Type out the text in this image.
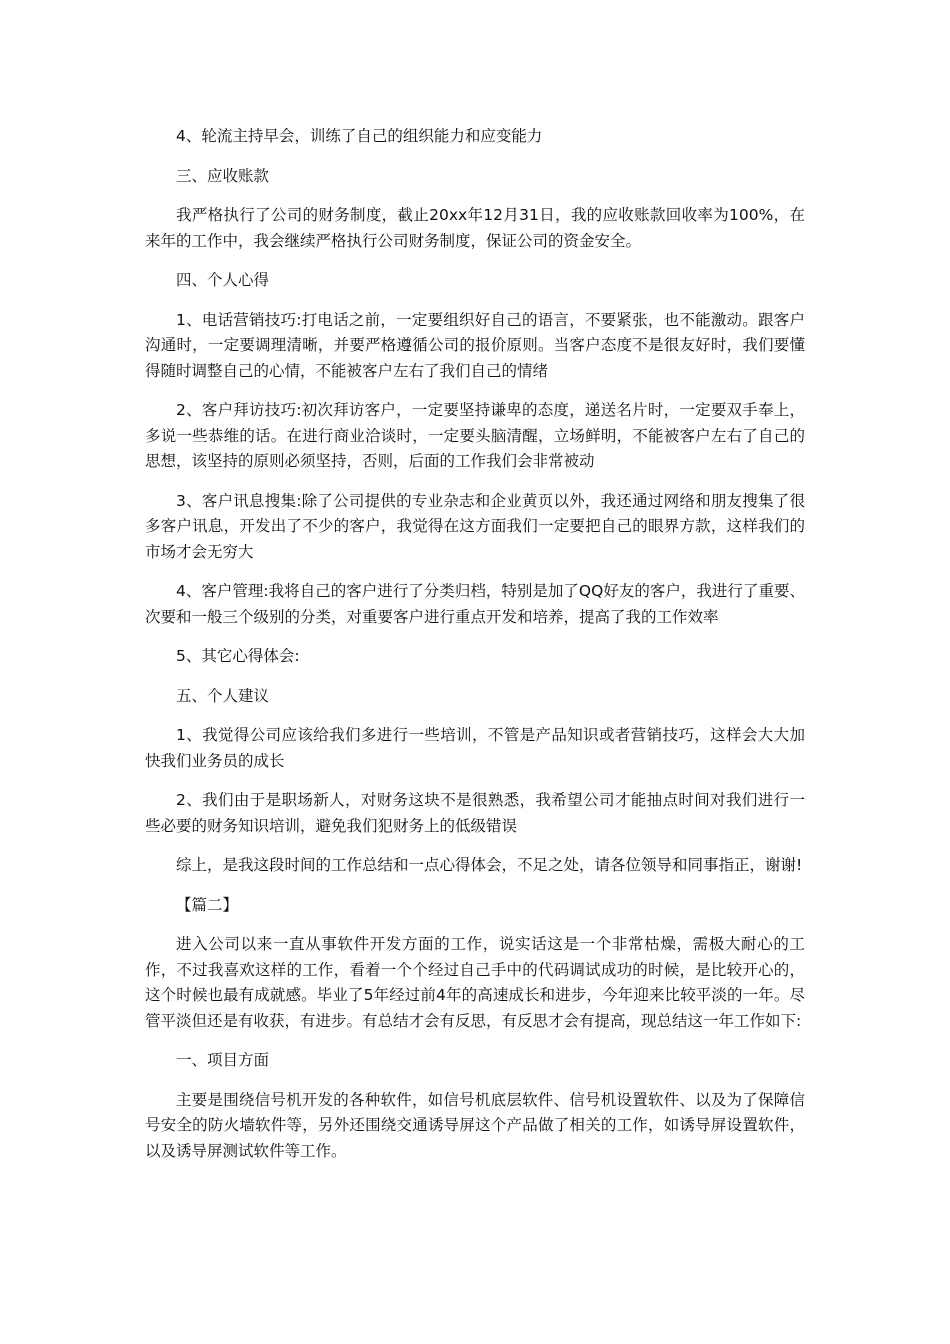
4、轮流主持早会，训练了自己的组织能力和应变能力

三、应收账款

我严格执行了公司的财务制度，截止20xx年12月31日，我的应收账款回收率为100%，在来年的工作中，我会继续严格执行公司财务制度，保证公司的资金安全。

四、个人心得

1、电话营销技巧:打电话之前，一定要组织好自己的语言，不要紧张，也不能激动。跟客户沟通时，一定要调理清晰，并要严格遵循公司的报价原则。当客户态度不是很友好时，我们要懂得随时调整自己的心情，不能被客户左右了我们自己的情绪

2、客户拜访技巧:初次拜访客户，一定要坚持谦卑的态度，递送名片时，一定要双手奉上，多说一些恭维的话。在进行商业洽谈时，一定要头脑清醒，立场鲜明，不能被客户左右了自己的思想，该坚持的原则必须坚持，否则，后面的工作我们会非常被动

3、客户讯息搜集:除了公司提供的专业杂志和企业黄页以外，我还通过网络和朋友搜集了很多客户讯息，开发出了不少的客户，我觉得在这方面我们一定要把自己的眼界方款，这样我们的市场才会无穷大

4、客户管理:我将自己的客户进行了分类归档，特别是加了QQ好友的客户，我进行了重要、次要和一般三个级别的分类，对重要客户进行重点开发和培养，提高了我的工作效率

5、其它心得体会:

五、个人建议

1、我觉得公司应该给我们多进行一些培训，不管是产品知识或者营销技巧，这样会大大加快我们业务员的成长

2、我们由于是职场新人，对财务这块不是很熟悉，我希望公司才能抽点时间对我们进行一些必要的财务知识培训，避免我们犯财务上的低级错误

综上，是我这段时间的工作总结和一点心得体会，不足之处，请各位领导和同事指正，谢谢!

【篇二】

进入公司以来一直从事软件开发方面的工作，说实话这是一个非常枯燥，需极大耐心的工作，不过我喜欢这样的工作，看着一个个经过自己手中的代码调试成功的时候，是比较开心的，这个时候也最有成就感。毕业了5年经过前4年的高速成长和进步，今年迎来比较平淡的一年。尽管平淡但还是有收获，有进步。有总结才会有反思，有反思才会有提高，现总结这一年工作如下:

一、项目方面

主要是围绕信号机开发的各种软件，如信号机底层软件、信号机设置软件、以及为了保障信号安全的防火墙软件等，另外还围绕交通诱导屏这个产品做了相关的工作，如诱导屏设置软件，以及诱导屏测试软件等工作。
